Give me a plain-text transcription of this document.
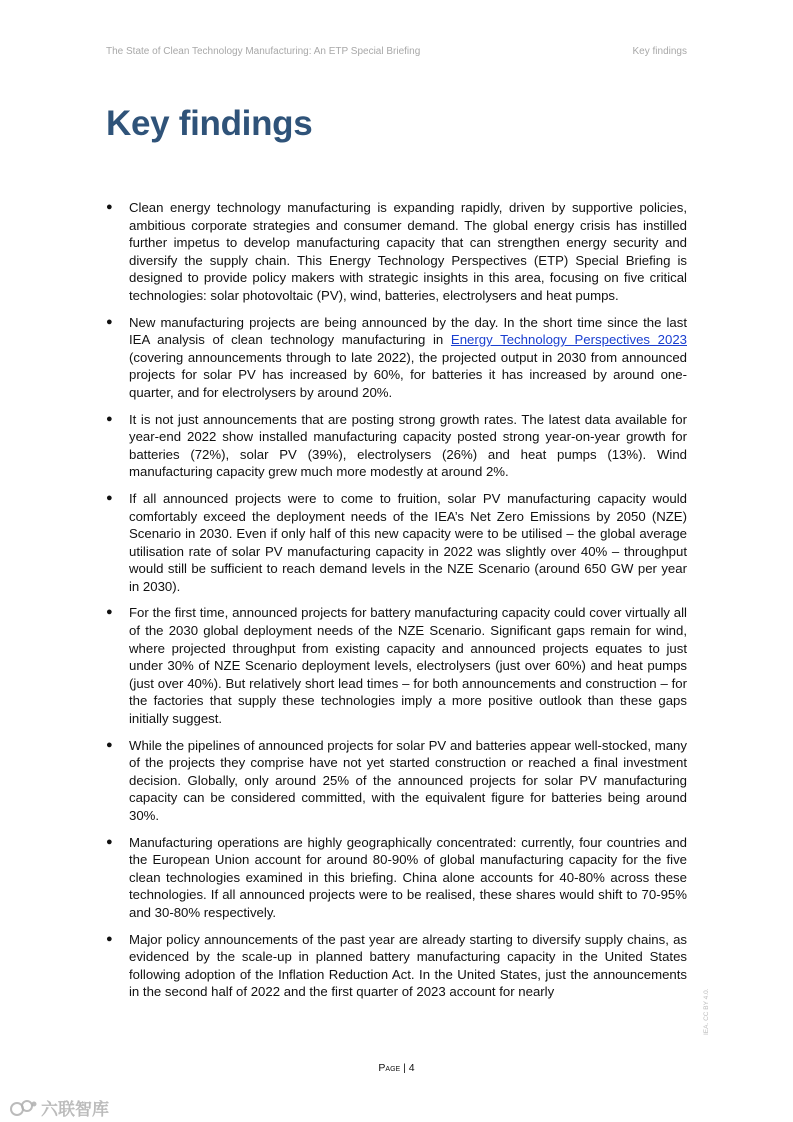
The State of Clean Technology Manufacturing: An ETP Special Briefing	Key findings
Key findings
● Clean energy technology manufacturing is expanding rapidly, driven by supportive policies, ambitious corporate strategies and consumer demand. The global energy crisis has instilled further impetus to develop manufacturing capacity that can strengthen energy security and diversify the supply chain. This Energy Technology Perspectives (ETP) Special Briefing is designed to provide policy makers with strategic insights in this area, focusing on five critical technologies: solar photovoltaic (PV), wind, batteries, electrolysers and heat pumps.
● New manufacturing projects are being announced by the day. In the short time since the last IEA analysis of clean technology manufacturing in Energy Technology Perspectives 2023 (covering announcements through to late 2022), the projected output in 2030 from announced projects for solar PV has increased by 60%, for batteries it has increased by around one-quarter, and for electrolysers by around 20%.
● It is not just announcements that are posting strong growth rates. The latest data available for year-end 2022 show installed manufacturing capacity posted strong year-on-year growth for batteries (72%), solar PV (39%), electrolysers (26%) and heat pumps (13%). Wind manufacturing capacity grew much more modestly at around 2%.
● If all announced projects were to come to fruition, solar PV manufacturing capacity would comfortably exceed the deployment needs of the IEA’s Net Zero Emissions by 2050 (NZE) Scenario in 2030. Even if only half of this new capacity were to be utilised – the global average utilisation rate of solar PV manufacturing capacity in 2022 was slightly over 40% – throughput would still be sufficient to reach demand levels in the NZE Scenario (around 650 GW per year in 2030).
● For the first time, announced projects for battery manufacturing capacity could cover virtually all of the 2030 global deployment needs of the NZE Scenario. Significant gaps remain for wind, where projected throughput from existing capacity and announced projects equates to just under 30% of NZE Scenario deployment levels, electrolysers (just over 60%) and heat pumps (just over 40%). But relatively short lead times – for both announcements and construction – for the factories that supply these technologies imply a more positive outlook than these gaps initially suggest.
● While the pipelines of announced projects for solar PV and batteries appear well-stocked, many of the projects they comprise have not yet started construction or reached a final investment decision. Globally, only around 25% of the announced projects for solar PV manufacturing capacity can be considered committed, with the equivalent figure for batteries being around 30%.
● Manufacturing operations are highly geographically concentrated: currently, four countries and the European Union account for around 80-90% of global manufacturing capacity for the five clean technologies examined in this briefing. China alone accounts for 40-80% across these technologies. If all announced projects were to be realised, these shares would shift to 70-95% and 30-80% respectively.
● Major policy announcements of the past year are already starting to diversify supply chains, as evidenced by the scale-up in planned battery manufacturing capacity in the United States following adoption of the Inflation Reduction Act. In the United States, just the announcements in the second half of 2022 and the first quarter of 2023 account for nearly
Page | 4
IEA. CC BY 4.0.
六联智库
